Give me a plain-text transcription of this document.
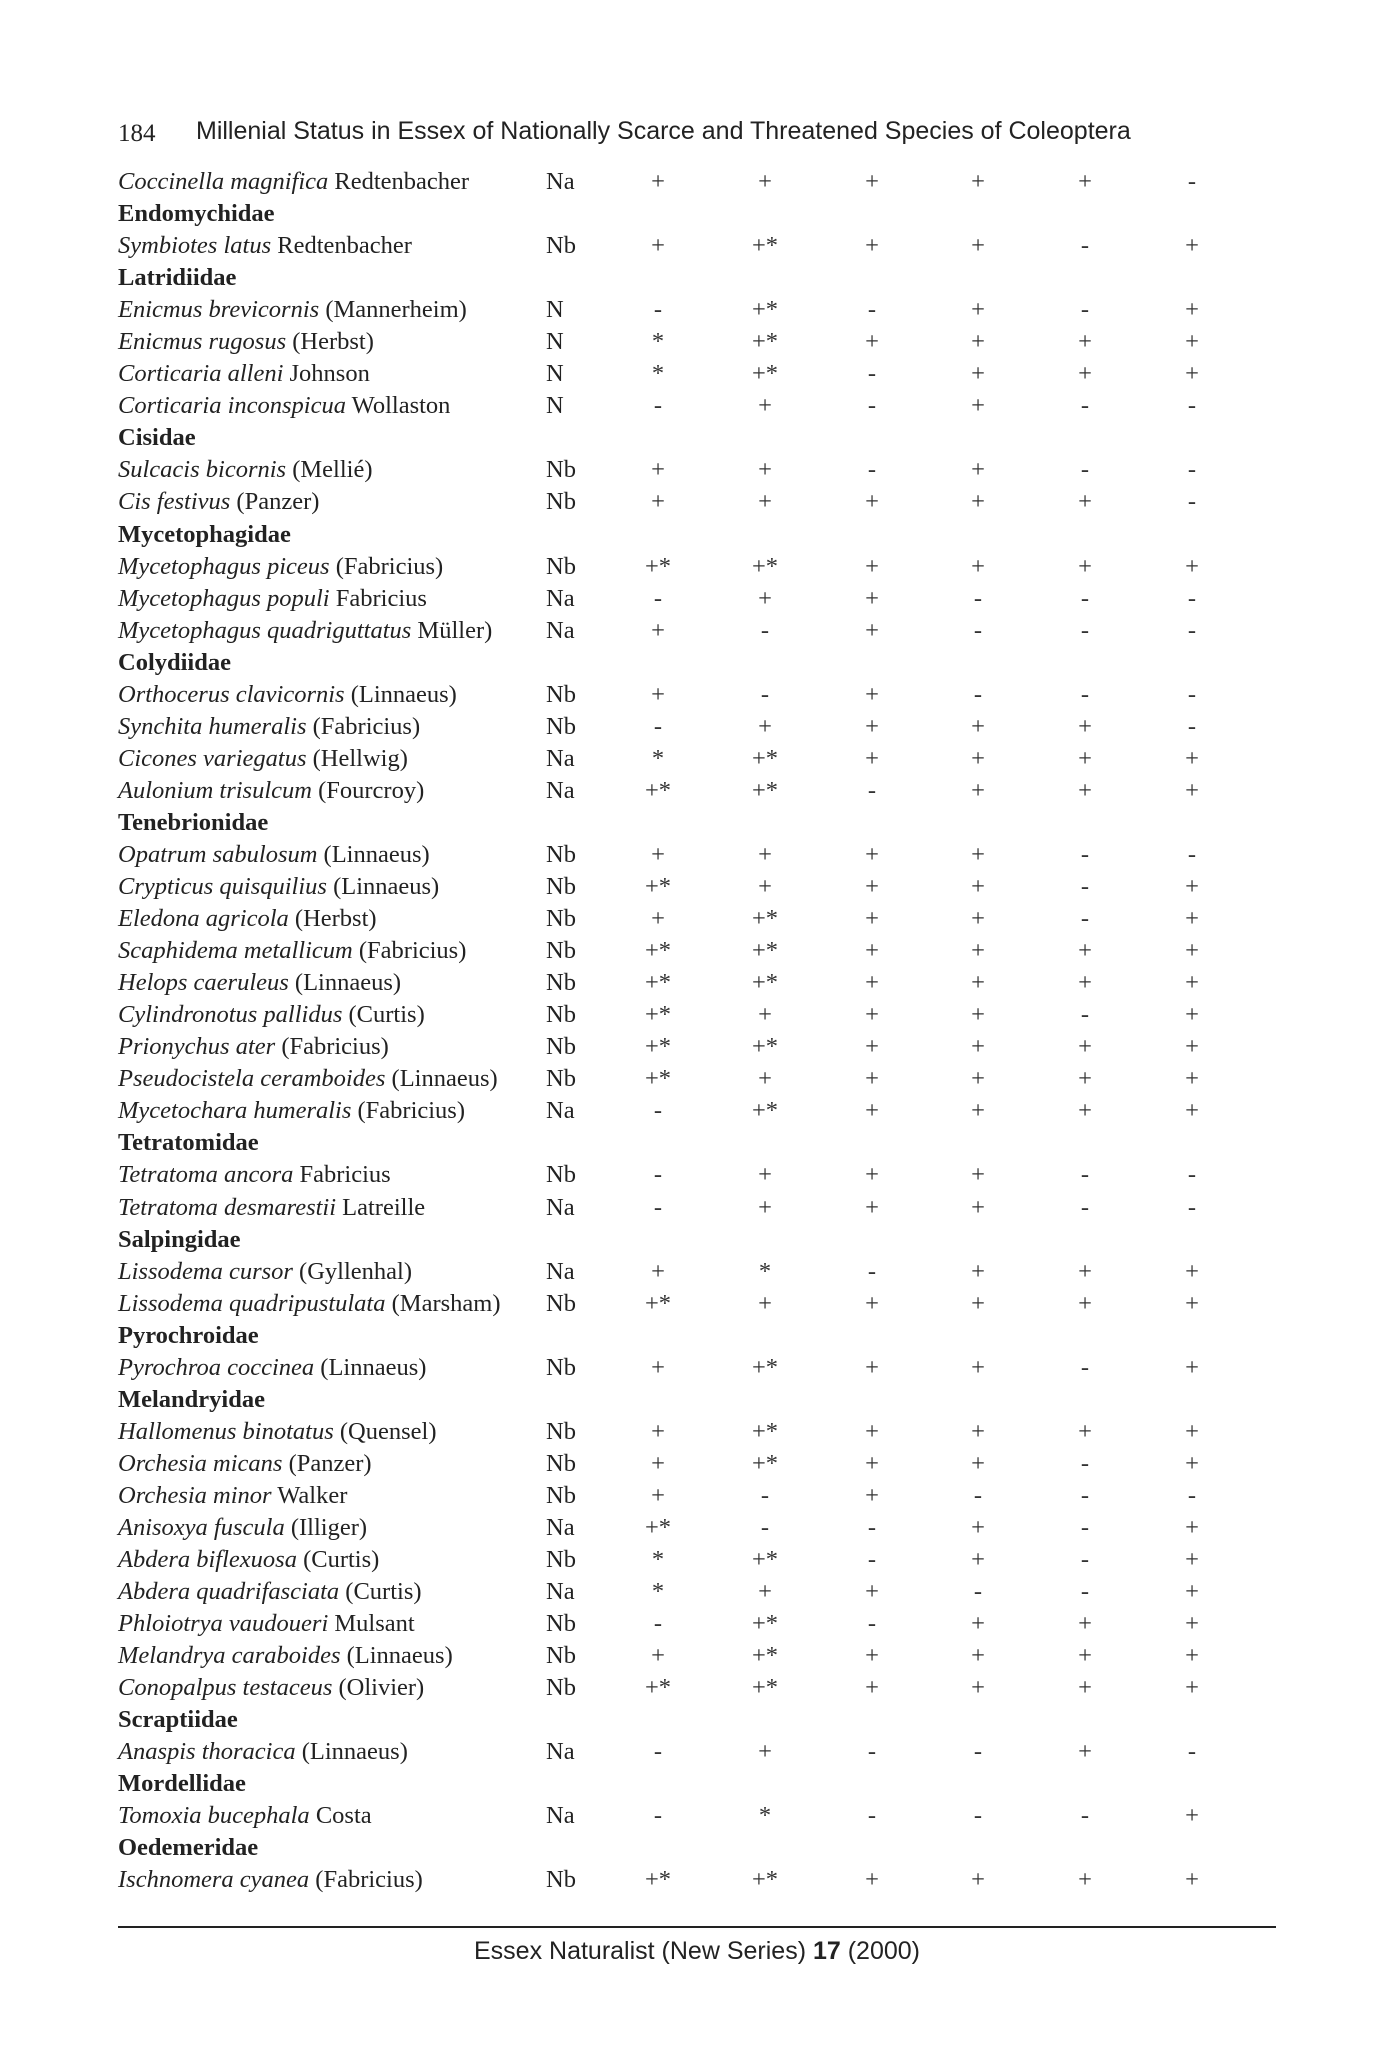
184 Millenial Status in Essex of Nationally Scarce and Threatened Species of Coleoptera
Coccinella magnifica Redtenbacher	Na	+	+	+	+	+	-
Endomychidae
Symbiotes latus Redtenbacher	Nb	+	+*	+	+	-	+
Latridiidae
Enicmus brevicornis (Mannerheim)	N	-	+*	-	+	-	+
Enicmus rugosus (Herbst)	N	*	+*	+	+	+	+
Corticaria alleni Johnson	N	*	+*	-	+	+	+
Corticaria inconspicua Wollaston	N	-	+	-	+	-	-
Cisidae
Sulcacis bicornis (Mellié)	Nb	+	+	-	+	-	-
Cis festivus (Panzer)	Nb	+	+	+	+	+	-
Mycetophagidae
Mycetophagus piceus (Fabricius)	Nb	+*	+*	+	+	+	+
Mycetophagus populi Fabricius	Na	-	+	+	-	-	-
Mycetophagus quadriguttatus Müller) Na	+	-	+	-	-	-
Colydiidae
Orthocerus clavicornis (Linnaeus)	Nb	+	-	+	-	-	-
Synchita humeralis (Fabricius)	Nb	-	+	+	+	+	-
Cicones variegatus (Hellwig)	Na	*	+*	+	+	+	+
Aulonium trisulcum (Fourcroy)	Na	+*	+*	-	+	+	+
Tenebrionidae
Opatrum sabulosum (Linnaeus)	Nb	+	+	+	+	-	-
Crypticus quisquilius (Linnaeus)	Nb	+*	+	+	+	-	+
Eledona agricola (Herbst)	Nb	+	+*	+	+	-	+
Scaphidema metallicum (Fabricius)	Nb	+*	+*	+	+	+	+
Helops caeruleus (Linnaeus)	Nb	+*	+*	+	+	+	+
Cylindronotus pallidus (Curtis)	Nb	+*	+	+	+	-	+
Prionychus ater (Fabricius)	Nb	+*	+*	+	+	+	+
Pseudocistela ceramboides (Linnaeus) Nb	+*	+	+	+	+	+
Mycetochara humeralis (Fabricius)	Na	-	+*	+	+	+	+
Tetratomidae
Tetratoma ancora Fabricius	Nb	-	+	+	+	-	-
Tetratoma desmarestii Latreille	Na	-	+	+	+	-	-
Salpingidae
Lissodema cursor (Gyllenhal)	Na	+	*	-	+	+	+
Lissodema quadripustulata (Marsham) Nb	+*	+	+	+	+	+
Pyrochroidae
Pyrochroa coccinea (Linnaeus)	Nb	+	+*	+	+	-	+
Melandryidae
Hallomenus binotatus (Quensel)	Nb	+	+*	+	+	+	+
Orchesia micans (Panzer)	Nb	+	+*	+	+	-	+
Orchesia minor Walker	Nb	+	-	+	-	-	-
Anisoxya fuscula (Illiger)	Na	+*	-	-	+	-	+
Abdera biflexuosa (Curtis)	Nb	*	+*	-	+	-	+
Abdera quadrifasciata (Curtis)	Na	*	+	+	-	-	+
Phloiotrya vaudoueri Mulsant	Nb	-	+*	-	+	+	+
Melandrya caraboides (Linnaeus)	Nb	+	+*	+	+	+	+
Conopalpus testaceus (Olivier)	Nb	+*	+*	+	+	+	+
Scraptiidae
Anaspis thoracica (Linnaeus)	Na	-	+	-	-	+	-
Mordellidae
Tomoxia bucephala Costa	Na	-	*	-	-	-	+
Oedemeridae
Ischnomera cyanea (Fabricius)	Nb	+*	+*	+	+	+	+
Essex Naturalist (New Series) 17 (2000)
